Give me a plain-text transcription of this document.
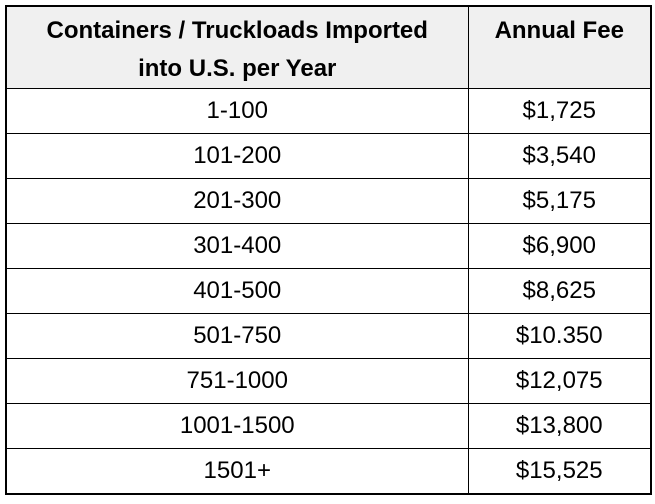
Containers / Truckloads Imported
into U.S. per Year	Annual Fee
1-100	$1,725
101-200	$3,540
201-300	$5,175
301-400	$6,900
401-500	$8,625
501-750	$10.350
751-1000	$12,075
1001-1500	$13,800
1501+	$15,525
